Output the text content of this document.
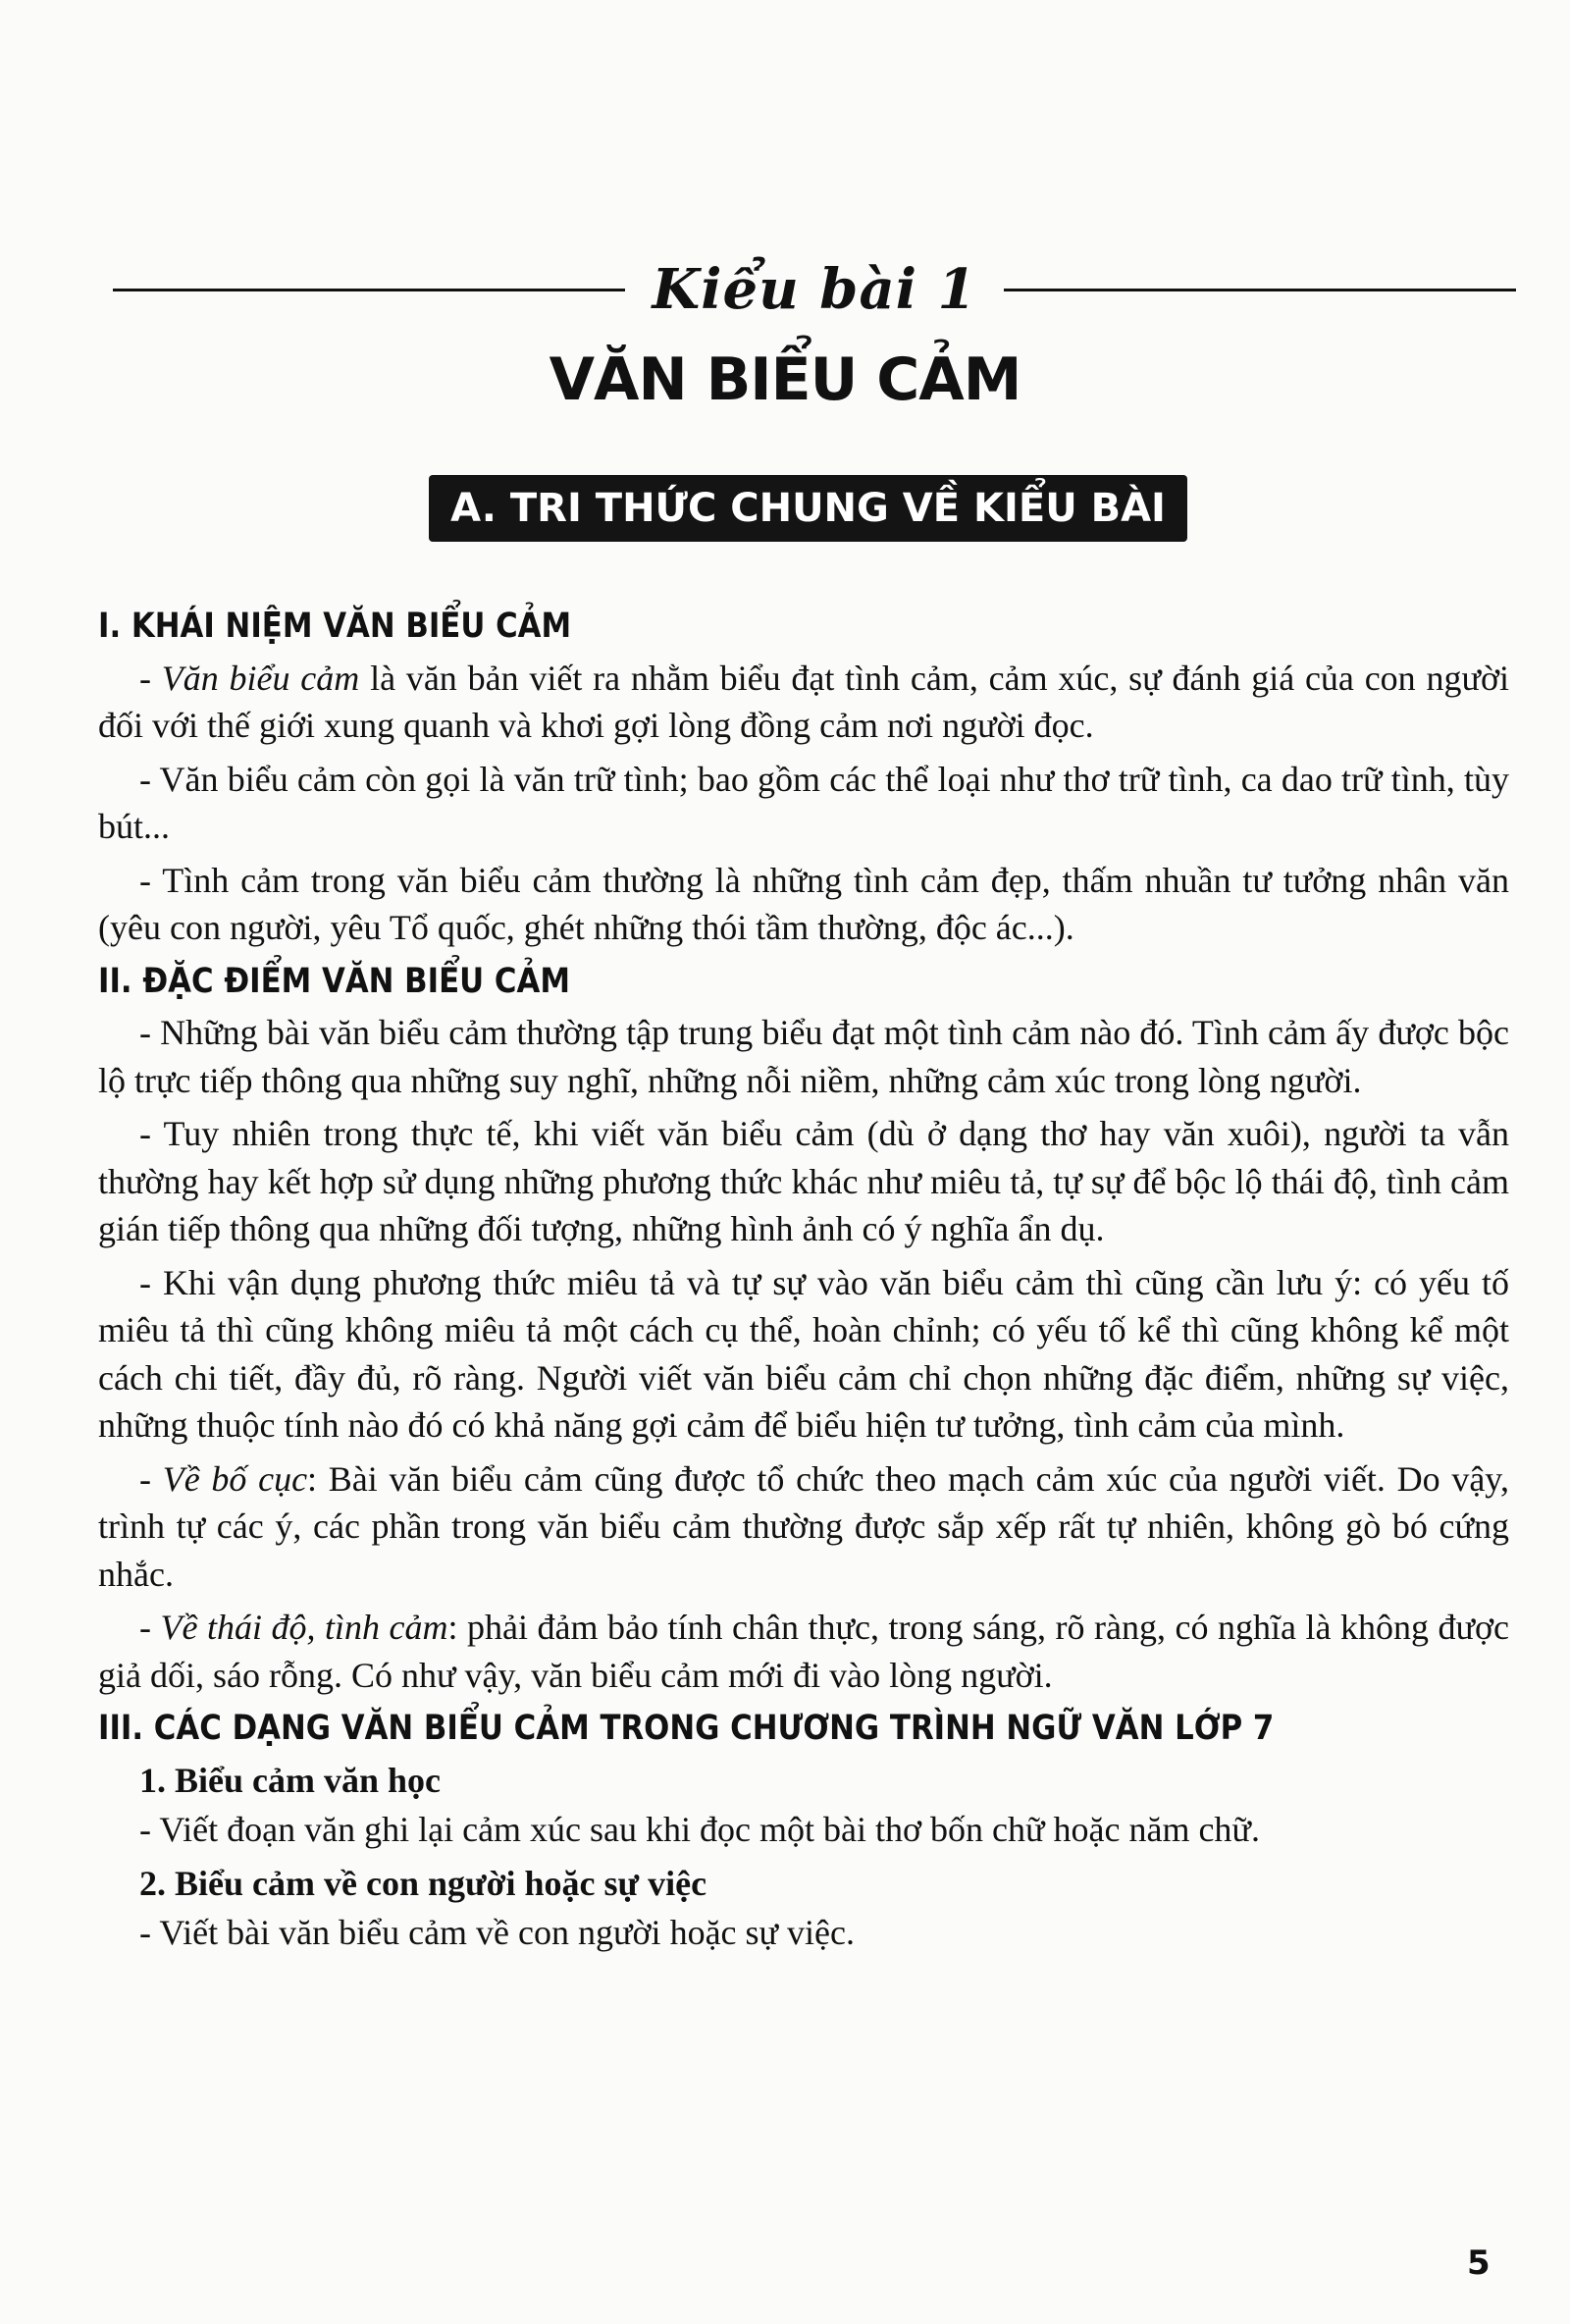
Kiểu bài 1
VĂN BIỂU CẢM
A. TRI THỨC CHUNG VỀ KIỂU BÀI
I. KHÁI NIỆM VĂN BIỂU CẢM

- Văn biểu cảm là văn bản viết ra nhằm biểu đạt tình cảm, cảm xúc, sự đánh giá của con người đối với thế giới xung quanh và khơi gợi lòng đồng cảm nơi người đọc.

- Văn biểu cảm còn gọi là văn trữ tình; bao gồm các thể loại như thơ trữ tình, ca dao trữ tình, tùy bút...

- Tình cảm trong văn biểu cảm thường là những tình cảm đẹp, thấm nhuần tư tưởng nhân văn (yêu con người, yêu Tổ quốc, ghét những thói tầm thường, độc ác...).

II. ĐẶC ĐIỂM VĂN BIỂU CẢM

- Những bài văn biểu cảm thường tập trung biểu đạt một tình cảm nào đó. Tình cảm ấy được bộc lộ trực tiếp thông qua những suy nghĩ, những nỗi niềm, những cảm xúc trong lòng người.

- Tuy nhiên trong thực tế, khi viết văn biểu cảm (dù ở dạng thơ hay văn xuôi), người ta vẫn thường hay kết hợp sử dụng những phương thức khác như miêu tả, tự sự để bộc lộ thái độ, tình cảm gián tiếp thông qua những đối tượng, những hình ảnh có ý nghĩa ẩn dụ.

- Khi vận dụng phương thức miêu tả và tự sự vào văn biểu cảm thì cũng cần lưu ý: có yếu tố miêu tả thì cũng không miêu tả một cách cụ thể, hoàn chỉnh; có yếu tố kể thì cũng không kể một cách chi tiết, đầy đủ, rõ ràng. Người viết văn biểu cảm chỉ chọn những đặc điểm, những sự việc, những thuộc tính nào đó có khả năng gợi cảm để biểu hiện tư tưởng, tình cảm của mình.

- Về bố cục: Bài văn biểu cảm cũng được tổ chức theo mạch cảm xúc của người viết. Do vậy, trình tự các ý, các phần trong văn biểu cảm thường được sắp xếp rất tự nhiên, không gò bó cứng nhắc.

- Về thái độ, tình cảm: phải đảm bảo tính chân thực, trong sáng, rõ ràng, có nghĩa là không được giả dối, sáo rỗng. Có như vậy, văn biểu cảm mới đi vào lòng người.

III. CÁC DẠNG VĂN BIỂU CẢM TRONG CHƯƠNG TRÌNH NGỮ VĂN LỚP 7
1. Biểu cảm văn học

- Viết đoạn văn ghi lại cảm xúc sau khi đọc một bài thơ bốn chữ hoặc năm chữ.

2. Biểu cảm về con người hoặc sự việc

- Viết bài văn biểu cảm về con người hoặc sự việc.

5
